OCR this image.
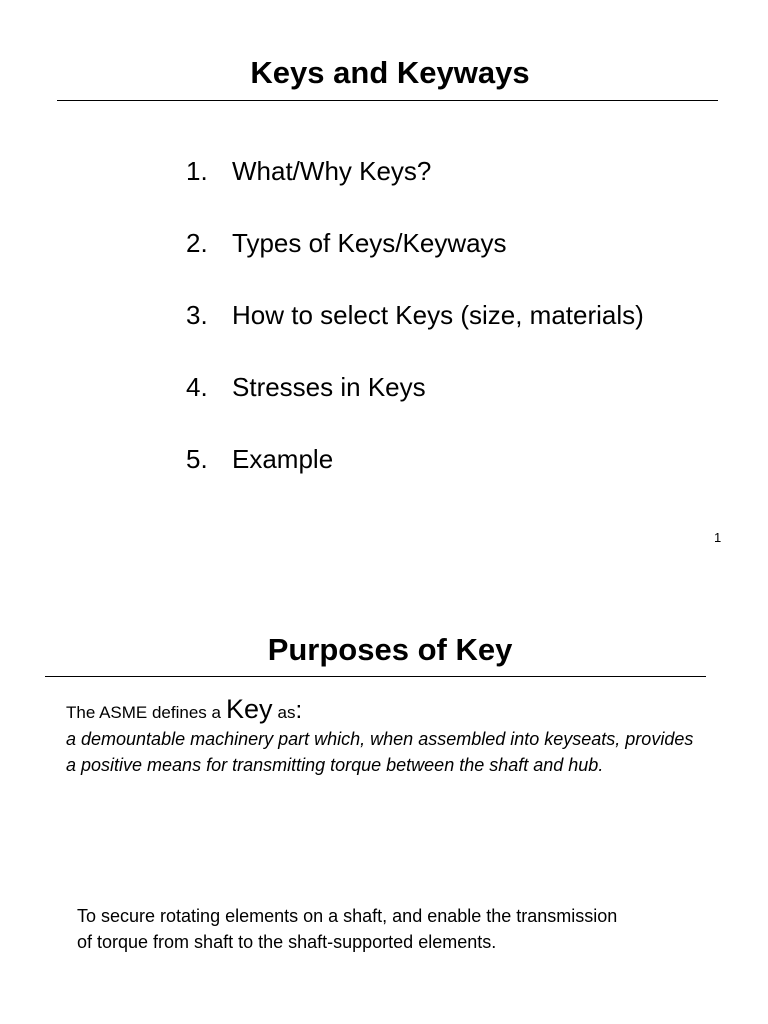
Keys and Keyways
1. What/Why Keys?
2. Types of Keys/Keyways
3. How to select Keys (size, materials)
4. Stresses in Keys
5. Example
1
Purposes of Key
The ASME defines a Key as:
a demountable machinery part which, when assembled into keyseats, provides a positive means for transmitting torque between the shaft and hub.
To secure rotating elements on a shaft, and enable the transmission of torque from shaft to the shaft-supported elements.
